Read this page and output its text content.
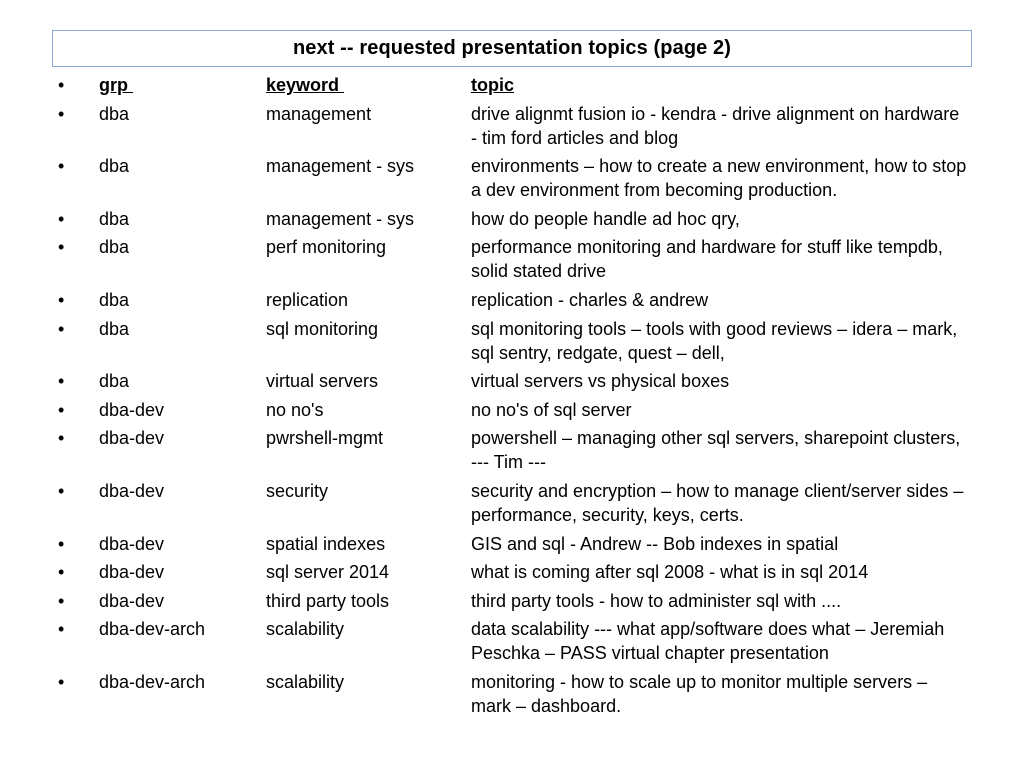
next -- requested presentation topics (page 2)
•	grp	keyword	topic
•	dba	management	drive alignmt fusion io - kendra - drive alignment on hardware - tim ford articles and blog
•	dba	management - sys	environments – how to create a new environment, how to stop a dev environment from becoming production.
•	dba	management - sys	how do people handle ad hoc qry,
•	dba	perf monitoring	performance monitoring and hardware for stuff like tempdb, solid stated drive
•	dba	replication	replication - charles & andrew
•	dba	sql monitoring	sql monitoring tools – tools with good reviews – idera – mark, sql sentry, redgate, quest – dell,
•	dba	virtual servers	virtual servers vs physical boxes
•	dba-dev	no no's	no no's of sql server
•	dba-dev	pwrshell-mgmt	powershell – managing other sql servers, sharepoint clusters, --- Tim ---
•	dba-dev	security	security and encryption – how to manage client/server sides – performance, security, keys, certs.
•	dba-dev	spatial indexes	GIS and sql - Andrew -- Bob indexes in spatial
•	dba-dev	sql server 2014	what is coming after sql 2008 - what is in sql 2014
•	dba-dev	third party tools	third party tools - how to administer sql with ....
•	dba-dev-arch	scalability	data scalability --- what app/software does what – Jeremiah Peschka – PASS virtual chapter presentation
•	dba-dev-arch	scalability	monitoring - how to scale up to monitor multiple servers – mark – dashboard.
